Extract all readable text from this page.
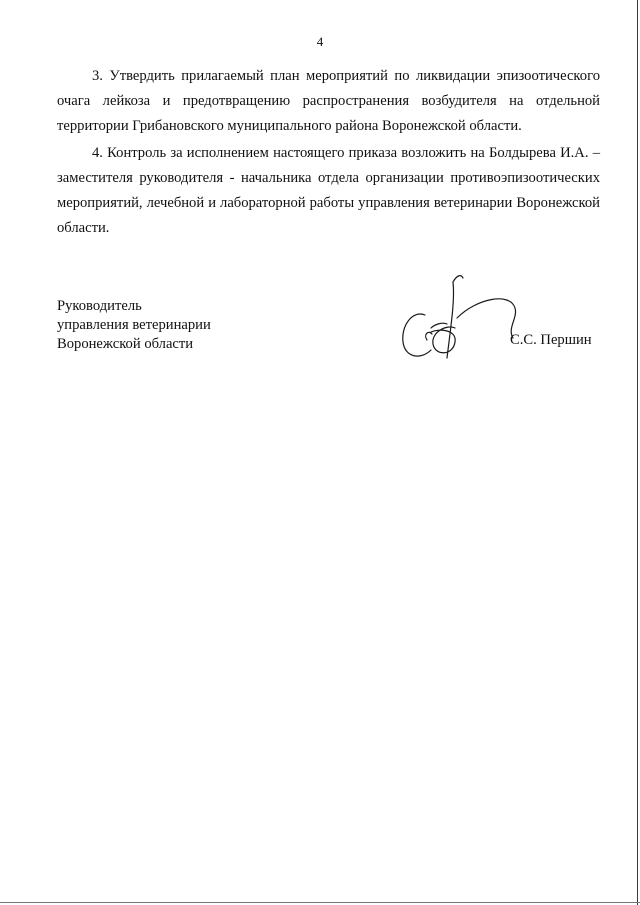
4

3. Утвердить прилагаемый план мероприятий по ликвидации эпизоотического очага лейкоза и предотвращению распространения возбудителя на отдельной территории Грибановского муниципального района Воронежской области.

4. Контроль за исполнением настоящего приказа возложить на Болдырева И.А. – заместителя руководителя - начальника отдела организации противоэпизоотических мероприятий, лечебной и лабораторной работы управления ветеринарии Воронежской области.

Руководитель
управления ветеринарии
Воронежской области	С.С. Першин
